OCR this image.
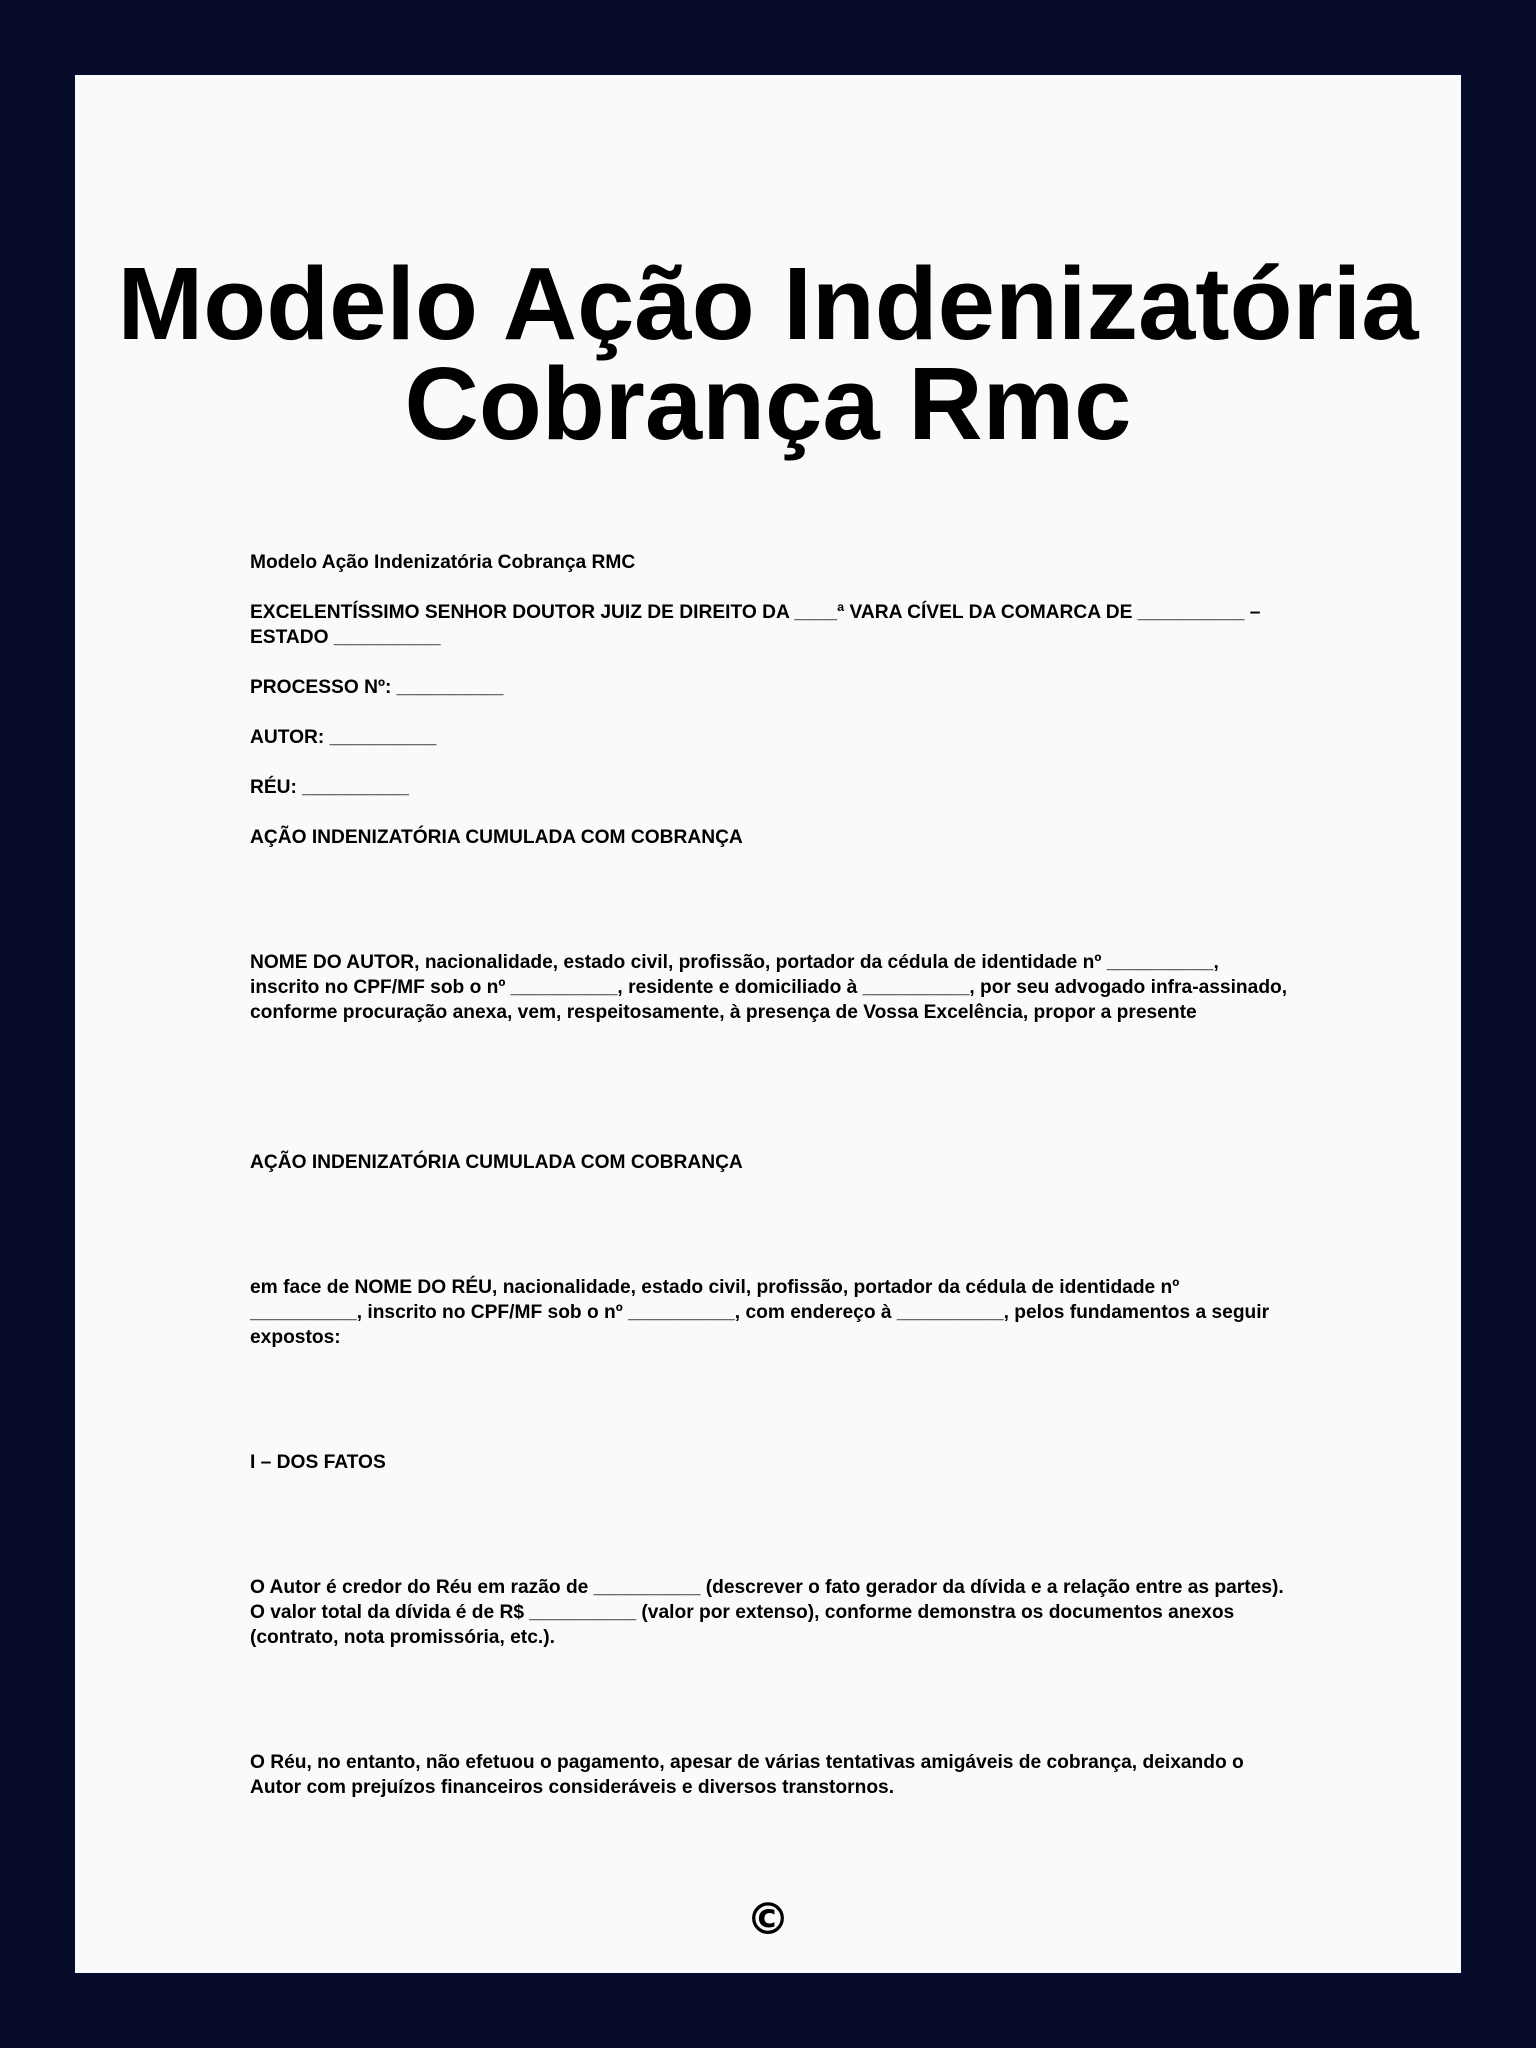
Modelo Ação Indenizatória Cobrança Rmc

Modelo Ação Indenizatória Cobrança RMC

EXCELENTÍSSIMO SENHOR DOUTOR JUIZ DE DIREITO DA ____ª VARA CÍVEL DA COMARCA DE __________ – ESTADO __________

PROCESSO Nº: __________

AUTOR: __________

RÉU: __________

AÇÃO INDENIZATÓRIA CUMULADA COM COBRANÇA

NOME DO AUTOR, nacionalidade, estado civil, profissão, portador da cédula de identidade nº __________, inscrito no CPF/MF sob o nº __________, residente e domiciliado à __________, por seu advogado infra-assinado, conforme procuração anexa, vem, respeitosamente, à presença de Vossa Excelência, propor a presente

AÇÃO INDENIZATÓRIA CUMULADA COM COBRANÇA

em face de NOME DO RÉU, nacionalidade, estado civil, profissão, portador da cédula de identidade nº __________, inscrito no CPF/MF sob o nº __________, com endereço à __________, pelos fundamentos a seguir expostos:

I – DOS FATOS

O Autor é credor do Réu em razão de __________ (descrever o fato gerador da dívida e a relação entre as partes). O valor total da dívida é de R$ __________ (valor por extenso), conforme demonstra os documentos anexos (contrato, nota promissória, etc.).

O Réu, no entanto, não efetuou o pagamento, apesar de várias tentativas amigáveis de cobrança, deixando o Autor com prejuízos financeiros consideráveis e diversos transtornos.

©
